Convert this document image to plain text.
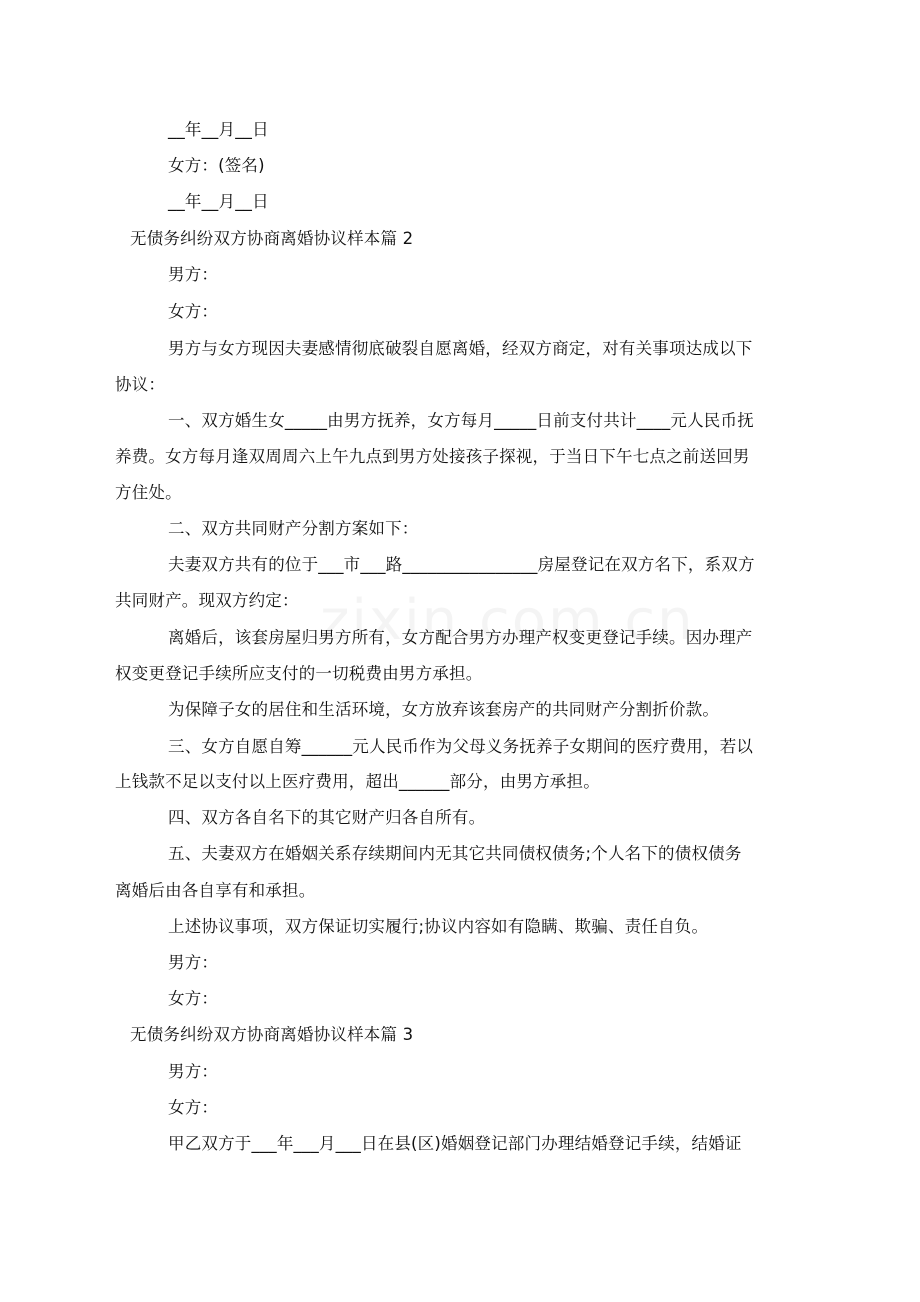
__年__月__日
女方：(签名)
__年__月__日
无债务纠纷双方协商离婚协议样本篇 2
男方：
女方：
男方与女方现因夫妻感情彻底破裂自愿离婚，经双方商定，对有关事项达成以下
协议：
一、双方婚生女_____由男方抚养，女方每月_____日前支付共计____元人民币抚
养费。女方每月逢双周周六上午九点到男方处接孩子探视，于当日下午七点之前送回男
方住处。
二、双方共同财产分割方案如下：
夫妻双方共有的位于___市___路________________房屋登记在双方名下，系双方
共同财产。现双方约定：
离婚后，该套房屋归男方所有，女方配合男方办理产权变更登记手续。因办理产
权变更登记手续所应支付的一切税费由男方承担。
为保障子女的居住和生活环境，女方放弃该套房产的共同财产分割折价款。
三、女方自愿自筹______元人民币作为父母义务抚养子女期间的医疗费用，若以
上钱款不足以支付以上医疗费用，超出______部分，由男方承担。
四、双方各自名下的其它财产归各自所有。
五、夫妻双方在婚姻关系存续期间内无其它共同债权债务;个人名下的债权债务
离婚后由各自享有和承担。
上述协议事项，双方保证切实履行;协议内容如有隐瞒、欺骗、责任自负。
男方：
女方：
无债务纠纷双方协商离婚协议样本篇 3
男方：
女方：
甲乙双方于___年___月___日在县(区)婚姻登记部门办理结婚登记手续，结婚证
